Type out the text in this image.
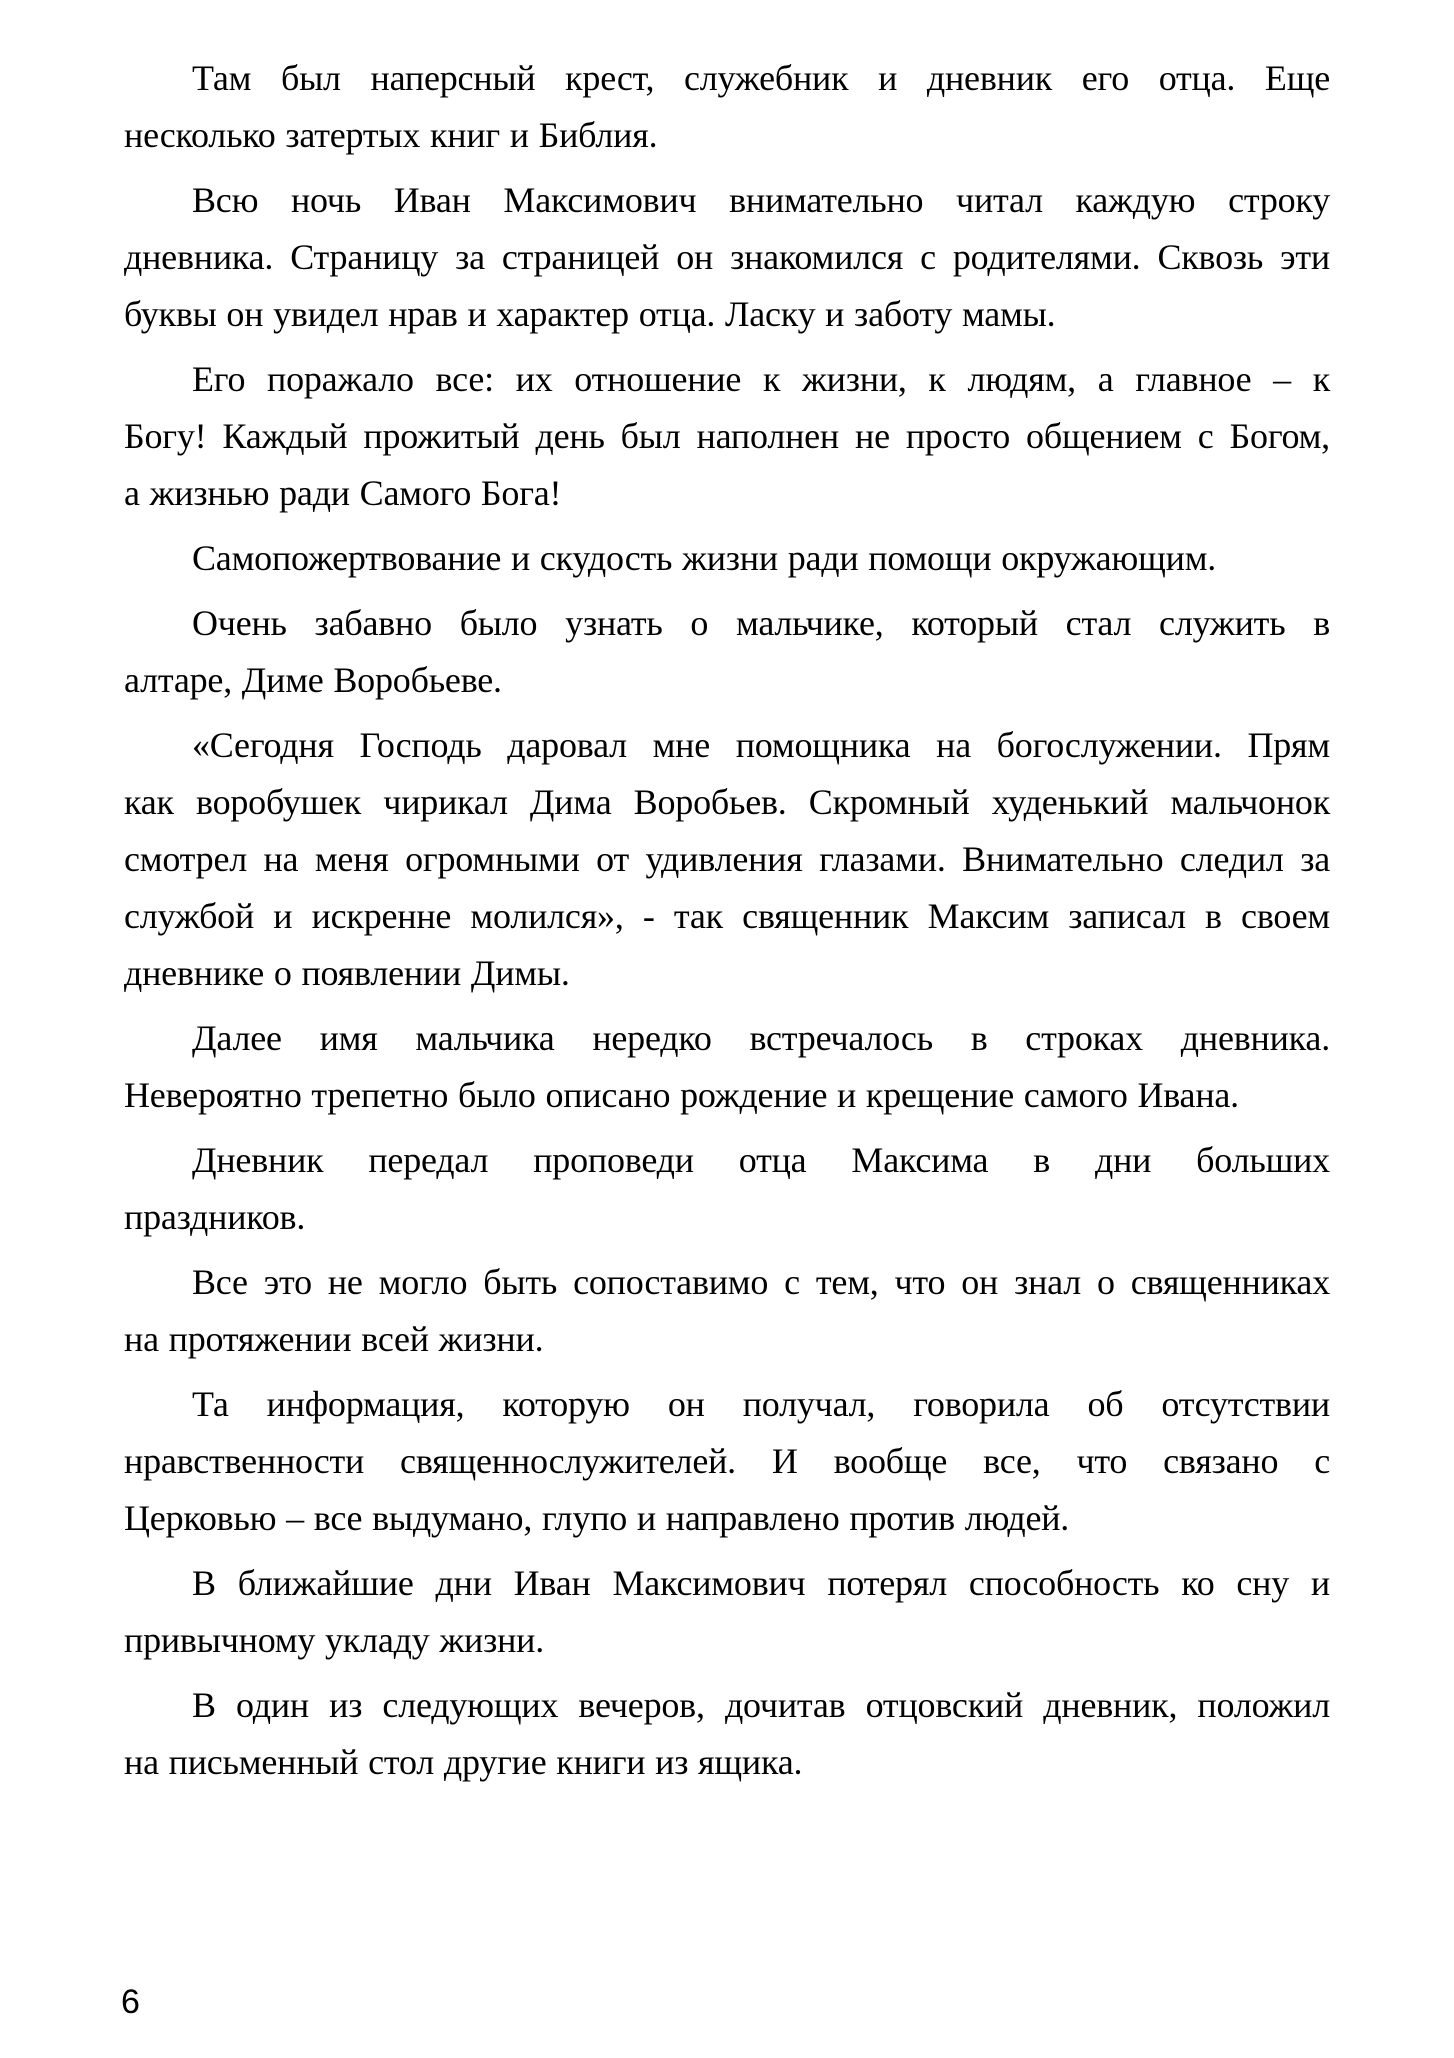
Там был наперсный крест, служебник и дневник его отца. Еще
несколько затертых книг и Библия.
Всю ночь Иван Максимович внимательно читал каждую строку
дневника. Страницу за страницей он знакомился с родителями. Сквозь эти
буквы он увидел нрав и характер отца. Ласку и заботу мамы.
Его поражало все: их отношение к жизни, к людям, а главное – к
Богу! Каждый прожитый день был наполнен не просто общением с Богом,
а жизнью ради Самого Бога!
Самопожертвование и скудость жизни ради помощи окружающим.
Очень забавно было узнать о мальчике, который стал служить в
алтаре, Диме Воробьеве.
«Сегодня Господь даровал мне помощника на богослужении. Прям
как воробушек чирикал Дима Воробьев. Скромный худенький мальчонок
смотрел на меня огромными от удивления глазами. Внимательно следил за
службой и искренне молился», - так священник Максим записал в своем
дневнике о появлении Димы.
Далее имя мальчика нередко встречалось в строках дневника.
Невероятно трепетно было описано рождение и крещение самого Ивана.
Дневник передал проповеди отца Максима в дни больших
праздников.
Все это не могло быть сопоставимо с тем, что он знал о священниках
на протяжении всей жизни.
Та информация, которую он получал, говорила об отсутствии
нравственности священнослужителей. И вообще все, что связано с
Церковью – все выдумано, глупо и направлено против людей.
В ближайшие дни Иван Максимович потерял способность ко сну и
привычному укладу жизни.
В один из следующих вечеров, дочитав отцовский дневник, положил
на письменный стол другие книги из ящика.
6
